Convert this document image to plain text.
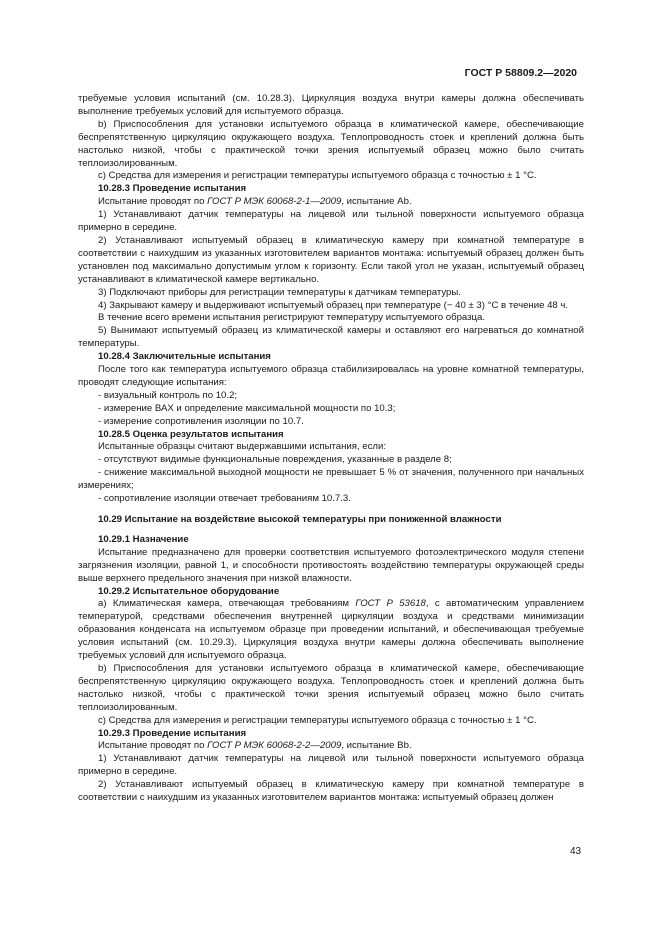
ГОСТ Р 58809.2—2020

требуемые условия испытаний (см. 10.28.3). Циркуляция воздуха внутри камеры должна обеспечивать выполнение требуемых условий для испытуемого образца.

b) Приспособления для установки испытуемого образца в климатической камере, обеспечивающие беспрепятственную циркуляцию окружающего воздуха. Теплопроводность стоек и креплений должна быть настолько низкой, чтобы с практической точки зрения испытуемый образец можно было считать теплоизолированным.

c) Средства для измерения и регистрации температуры испытуемого образца с точностью ± 1 °С.

10.28.3 Проведение испытания

Испытание проводят по ГОСТ Р МЭК 60068-2-1—2009, испытание Ab.

1) Устанавливают датчик температуры на лицевой или тыльной поверхности испытуемого образца примерно в середине.

2) Устанавливают испытуемый образец в климатическую камеру при комнатной температуре в соответствии с наихудшим из указанных изготовителем вариантов монтажа: испытуемый образец должен быть установлен под максимально допустимым углом к горизонту. Если такой угол не указан, испытуемый образец устанавливают в климатической камере вертикально.

3) Подключают приборы для регистрации температуры к датчикам температуры.

4) Закрывают камеру и выдерживают испытуемый образец при температуре (− 40 ± 3) °С в течение 48 ч.

В течение всего времени испытания регистрируют температуру испытуемого образца.

5) Вынимают испытуемый образец из климатической камеры и оставляют его нагреваться до комнатной температуры.

10.28.4 Заключительные испытания

После того как температура испытуемого образца стабилизировалась на уровне комнатной температуры, проводят следующие испытания:

- визуальный контроль по 10.2;

- измерение ВАХ и определение максимальной мощности по 10.3;

- измерение сопротивления изоляции по 10.7.

10.28.5 Оценка результатов испытания

Испытанные образцы считают выдержавшими испытания, если:

- отсутствуют видимые функциональные повреждения, указанные в разделе 8;

- снижение максимальной выходной мощности не превышает 5 % от значения, полученного при начальных измерениях;

- сопротивление изоляции отвечает требованиям 10.7.3.

10.29 Испытание на воздействие высокой температуры при пониженной влажности

10.29.1 Назначение

Испытание предназначено для проверки соответствия испытуемого фотоэлектрического модуля степени загрязнения изоляции, равной 1, и способности противостоять воздействию температуры окружающей среды выше верхнего предельного значения при низкой влажности.

10.29.2 Испытательное оборудование

а) Климатическая камера, отвечающая требованиям ГОСТ Р 53618, с автоматическим управлением температурой, средствами обеспечения внутренней циркуляции воздуха и средствами минимизации образования конденсата на испытуемом образце при проведении испытаний, и обеспечивающая требуемые условия испытаний (см. 10.29.3). Циркуляция воздуха внутри камеры должна обеспечивать выполнение требуемых условий для испытуемого образца.

b) Приспособления для установки испытуемого образца в климатической камере, обеспечивающие беспрепятственную циркуляцию окружающего воздуха. Теплопроводность стоек и креплений должна быть настолько низкой, чтобы с практической точки зрения испытуемый образец можно было считать теплоизолированным.

c) Средства для измерения и регистрации температуры испытуемого образца с точностью ± 1 °С.

10.29.3 Проведение испытания

Испытание проводят по ГОСТ Р МЭК 60068-2-2—2009, испытание Bb.

1) Устанавливают датчик температуры на лицевой или тыльной поверхности испытуемого образца примерно в середине.

2) Устанавливают испытуемый образец в климатическую камеру при комнатной температуре в соответствии с наихудшим из указанных изготовителем вариантов монтажа: испытуемый образец должен

43
